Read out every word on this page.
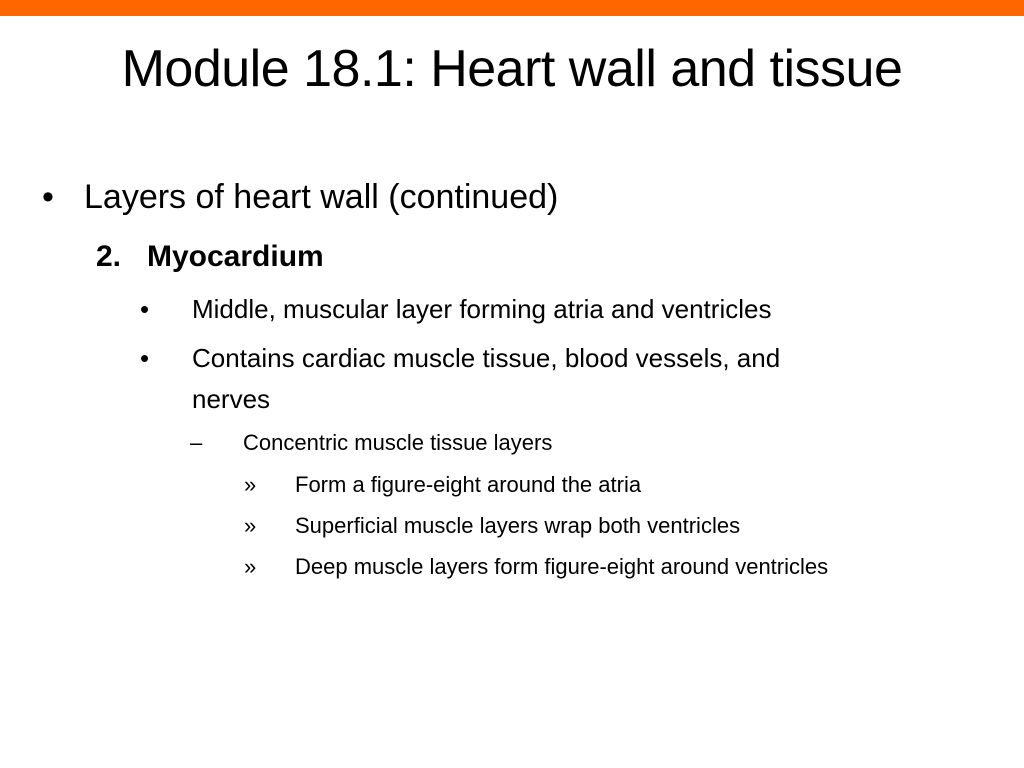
Module 18.1: Heart wall and tissue
• Layers of heart wall (continued)
2. Myocardium
• Middle, muscular layer forming atria and ventricles
• Contains cardiac muscle tissue, blood vessels, and
nerves
– Concentric muscle tissue layers
» Form a figure-eight around the atria
» Superficial muscle layers wrap both ventricles
» Deep muscle layers form figure-eight around ventricles
